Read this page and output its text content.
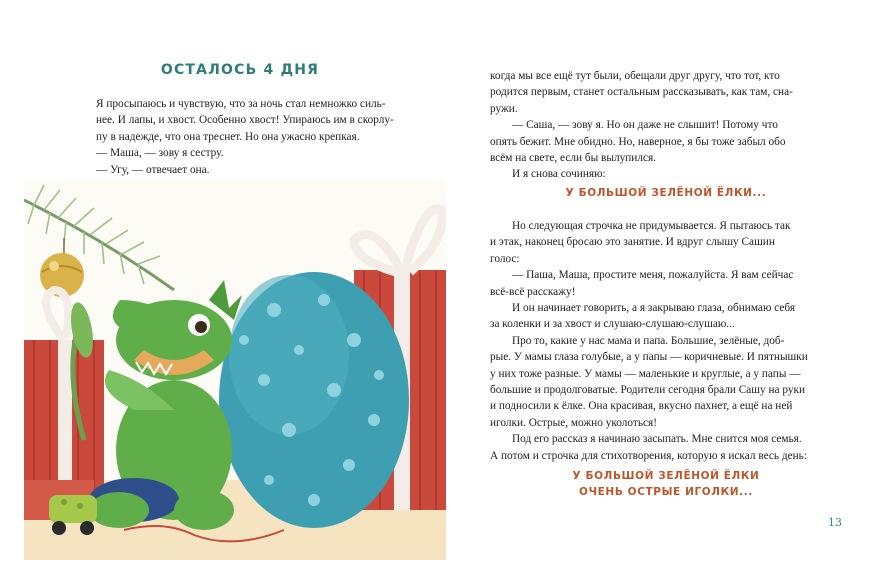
ОСТАЛОСЬ 4 ДНЯ

Я просыпаюсь и чувствую, что за ночь стал немножко силь-

нее. И лапы, и хвост. Особенно хвост! Упираюсь им в скорлу-

пу в надежде, что она треснет. Но она ужасно крепкая.

— Маша, — зову я сестру.

— Угу, — отвечает она.

когда мы все ещё тут были, обещали друг другу, что тот, кто

родится первым, станет остальным рассказывать, как там, сна-

ружи.

— Саша, — зову я. Но он даже не слышит! Потому что

опять бежит. Мне обидно. Но, наверное, я бы тоже забыл обо

всём на свете, если бы вылупился.

И я снова сочиняю:

У БОЛЬШОЙ ЗЕЛЁНОЙ ЁЛКИ...

Но следующая строчка не придумывается. Я пытаюсь так

и этак, наконец бросаю это занятие. И вдруг слышу Сашин

голос:

— Паша, Маша, простите меня, пожалуйста. Я вам сейчас

всё-всё расскажу!

И он начинает говорить, а я закрываю глаза, обнимаю себя

за коленки и за хвост и слушаю-слушаю-слушаю...

Про то, какие у нас мама и папа. Большие, зелёные, доб-

рые. У мамы глаза голубые, а у папы — коричневые. И пятнышки

у них тоже разные. У мамы — маленькие и круглые, а у папы —

большие и продолговатые. Родители сегодня брали Сашу на руки

и подносили к ёлке. Она красивая, вкусно пахнет, а ещё на ней

иголки. Острые, можно уколоться!

Под его рассказ я начинаю засыпать. Мне снится моя семья.

А потом и строчка для стихотворения, которую я искал весь день:

У БОЛЬШОЙ ЗЕЛЁНОЙ ЁЛКИ
ОЧЕНЬ ОСТРЫЕ ИГОЛКИ...
13
